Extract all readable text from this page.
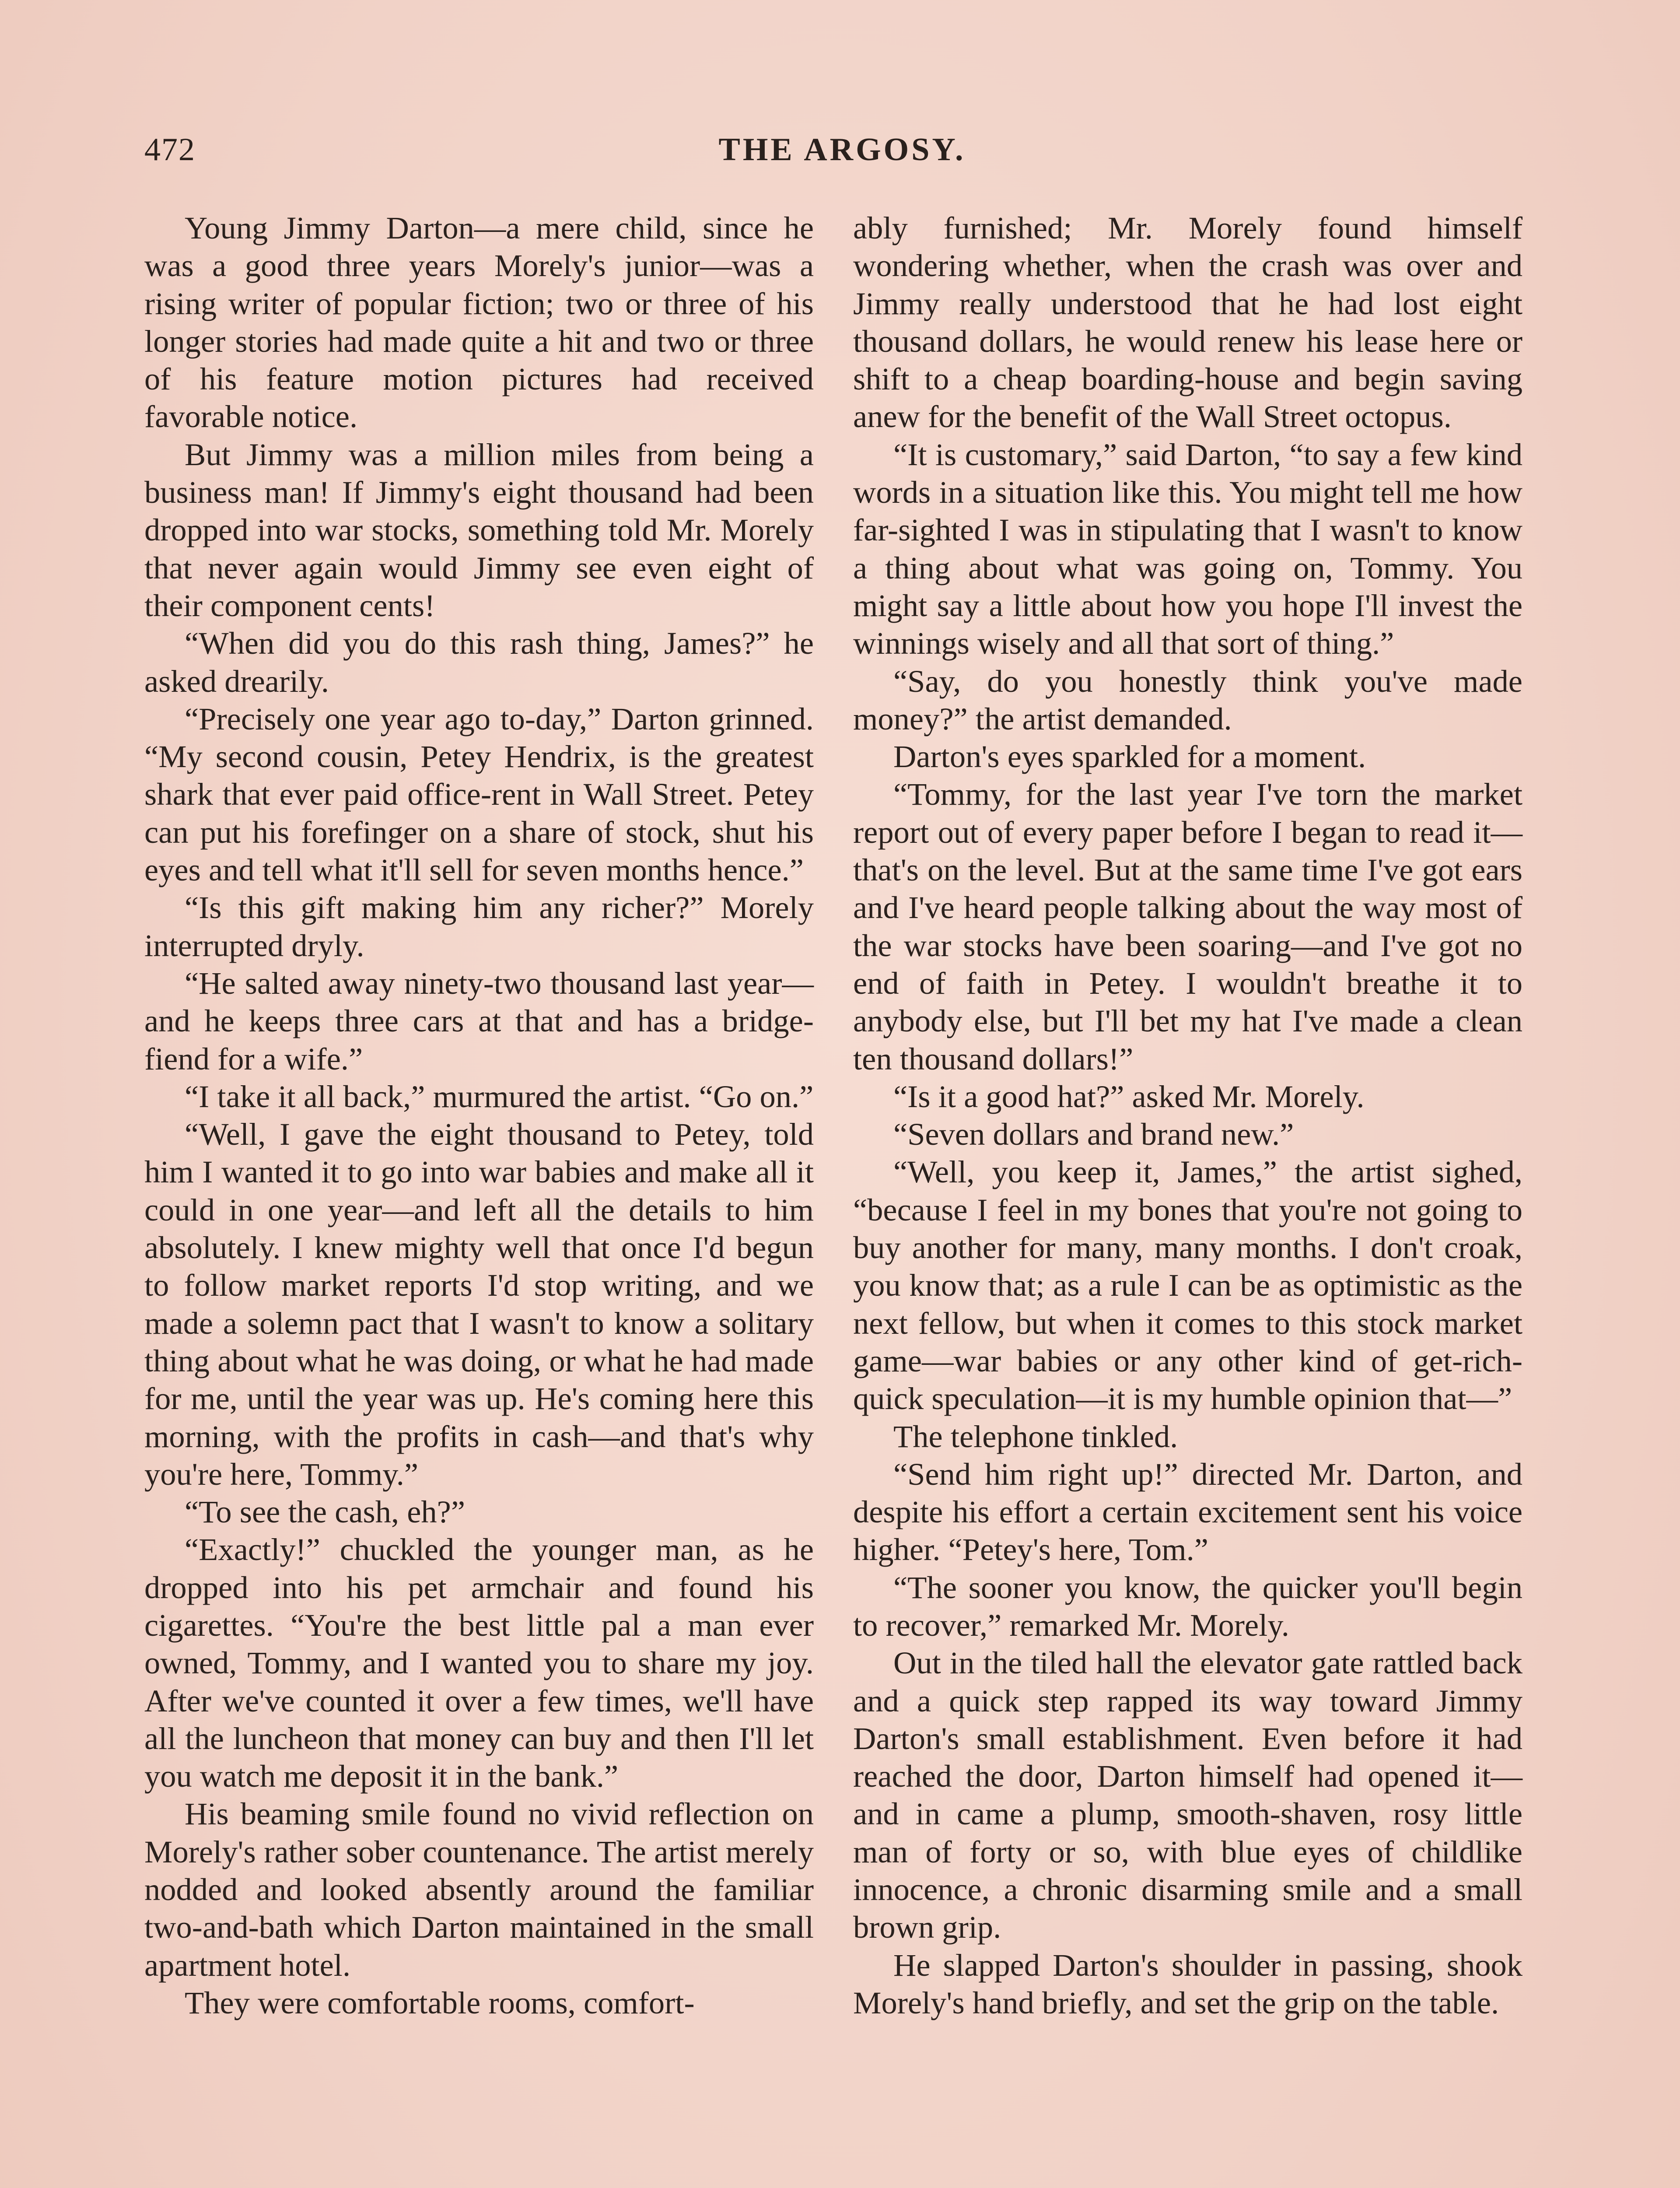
472	THE ARGOSY.

Young Jimmy Darton—a mere child, since he was a good three years Morely's junior—was a rising writer of popular fiction; two or three of his longer stories had made quite a hit and two or three of his feature motion pictures had received favorable notice.

But Jimmy was a million miles from being a business man! If Jimmy's eight thousand had been dropped into war stocks, something told Mr. Morely that never again would Jimmy see even eight of their component cents!

“When did you do this rash thing, James?” he asked drearily.

“Precisely one year ago to-day,” Darton grinned. “My second cousin, Petey Hendrix, is the greatest shark that ever paid office-rent in Wall Street. Petey can put his forefinger on a share of stock, shut his eyes and tell what it'll sell for seven months hence.”

“Is this gift making him any richer?” Morely interrupted dryly.

“He salted away ninety-two thousand last year—and he keeps three cars at that and has a bridge-fiend for a wife.”

“I take it all back,” murmured the artist. “Go on.”

“Well, I gave the eight thousand to Petey, told him I wanted it to go into war babies and make all it could in one year—and left all the details to him absolutely. I knew mighty well that once I'd begun to follow market reports I'd stop writing, and we made a solemn pact that I wasn't to know a solitary thing about what he was doing, or what he had made for me, until the year was up. He's coming here this morning, with the profits in cash—and that's why you're here, Tommy.”

“To see the cash, eh?”

“Exactly!” chuckled the younger man, as he dropped into his pet armchair and found his cigarettes. “You're the best little pal a man ever owned, Tommy, and I wanted you to share my joy. After we've counted it over a few times, we'll have all the luncheon that money can buy and then I'll let you watch me deposit it in the bank.”

His beaming smile found no vivid reflection on Morely's rather sober countenance. The artist merely nodded and looked absently around the familiar two-and-bath which Darton maintained in the small apartment hotel.

They were comfortable rooms, comfort-

ably furnished; Mr. Morely found himself wondering whether, when the crash was over and Jimmy really understood that he had lost eight thousand dollars, he would renew his lease here or shift to a cheap boarding-house and begin saving anew for the benefit of the Wall Street octopus.

“It is customary,” said Darton, “to say a few kind words in a situation like this. You might tell me how far-sighted I was in stipulating that I wasn't to know a thing about what was going on, Tommy. You might say a little about how you hope I'll invest the winnings wisely and all that sort of thing.”

“Say, do you honestly think you've made money?” the artist demanded.

Darton's eyes sparkled for a moment.

“Tommy, for the last year I've torn the market report out of every paper before I began to read it—that's on the level. But at the same time I've got ears and I've heard people talking about the way most of the war stocks have been soaring—and I've got no end of faith in Petey. I wouldn't breathe it to anybody else, but I'll bet my hat I've made a clean ten thousand dollars!”

“Is it a good hat?” asked Mr. Morely.

“Seven dollars and brand new.”

“Well, you keep it, James,” the artist sighed, “because I feel in my bones that you're not going to buy another for many, many months. I don't croak, you know that; as a rule I can be as optimistic as the next fellow, but when it comes to this stock market game—war babies or any other kind of get-rich-quick speculation—it is my humble opinion that—”

The telephone tinkled.

“Send him right up!” directed Mr. Darton, and despite his effort a certain excitement sent his voice higher. “Petey's here, Tom.”

“The sooner you know, the quicker you'll begin to recover,” remarked Mr. Morely.

Out in the tiled hall the elevator gate rattled back and a quick step rapped its way toward Jimmy Darton's small establishment. Even before it had reached the door, Darton himself had opened it—and in came a plump, smooth-shaven, rosy little man of forty or so, with blue eyes of childlike innocence, a chronic disarming smile and a small brown grip.

He slapped Darton's shoulder in passing, shook Morely's hand briefly, and set the grip on the table.
